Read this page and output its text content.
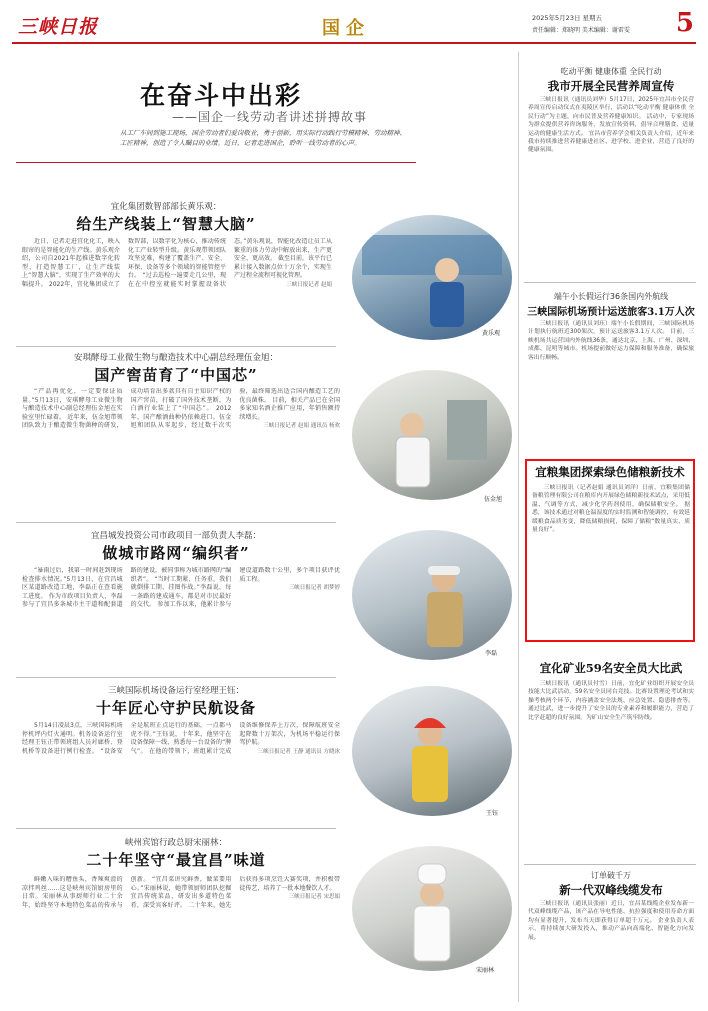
三峡日报	国企	2025年5月23日 星期五
责任编辑：郑晓明 美术编辑：谢雷雯 5
在奋斗中出彩
——国企一线劳动者讲述拼搏故事
从工厂车间到施工现场，国企劳动者们爱岗敬业，勇于创新，用实际行动践行劳模精神、劳动精神、工匠精神，创造了令人瞩目的业绩。近日，记者走进国企，聆听一线劳动者的心声。
宜化集团数智部部长黄乐观：
给生产线装上“智慧大脑”

近日，记者走进宜化化工，映入眼帘的是智能化的生产线。黄乐观介绍，公司自2021年起推进数字化转型，打造智慧工厂，让生产线装上“智慧大脑”，实现了生产效率的大幅提升。 2022年，宜化集团成立了数智部，以数字化为核心，推动传统化工产业转型升级。黄乐观带领团队攻坚克难，构建了覆盖生产、安全、环保、设备等多个领域的智能管控平台。 “过去巡检一遍要走几公里，现在在中控室就能实时掌握设备状态。”黄乐观说，智能化改造让员工从繁重的体力劳动中解放出来，生产更安全、更高效。 截至目前，该平台已累计接入数据点位十万余个，实现生产过程全流程可视化管理。

三峡日报记者 赵娟
安琪酵母工业微生物与酿造技术中心副总经理伍金旭：
国产窖苗育了“中国芯”

“产品再优化，一定要保证质量。”5月13日，安琪酵母工业微生物与酿造技术中心副总经理伍金旭在实验室里忙碌着。 近年来，伍金旭带领团队致力于酿造微生物菌种的研发，成功培育出多款具有自主知识产权的国产窖苗，打破了国外技术垄断，为白酒行业装上了“中国芯”。 2012年，国产酿酒曲种仍依赖进口。伍金旭和团队从零起步，经过数千次实验，最终筛选出适合国内酿造工艺的优良菌株。 目前，相关产品已在全国多家知名酒企推广应用，年销售额持续增长。

三峡日报记者 赵娟 通讯员 杨欢
宜昌城发投资公司市政项目一部负责人李磊：
做城市路网“编织者”

“暴雨过后，我第一时间赶到现场检查排水情况。”5月13日，在宜昌城区某道路改造工地，李磊正在查看施工进度。 作为市政项目负责人，李磊参与了宜昌多条城市主干道和配套道路的建设，被同事称为城市路网的“编织者”。 “当时工期紧、任务重，我们就倒排工期、挂图作战。”李磊说，每一条路的建成通车，都是对市民最好的交代。 参加工作以来，他累计参与建设道路数十公里，多个项目获评优质工程。

三峡日报记者 胡梦婷
三峡国际机场设备运行室经理王钰：
十年匠心守护民航设备

5月14日凌晨3点，三峡国际机场停机坪内灯火通明。机务设备运行室经理王钰正带领班组人员对廊桥、登机桥等设备进行例行检查。 “设备安全是航班正点运行的基础，一点都马虎不得。”王钰说，十年来，他坚守在设备保障一线，熟悉每一台设备的“脾气”。 在他的带领下，班组累计完成设备维修保养上万次，保障航班安全起降数十万架次，为机场平稳运行保驾护航。

三峡日报记者 王静 通讯员 方晓冰
峡州宾馆行政总厨宋丽林：
二十年坚守“最宜昌”味道

鲜嫩入味的糟鱼头，香辣爽滑的凉拌鸡丝……这是峡州宾馆厨房里的日常。宋丽林从事厨师行业二十余年，始终坚守本地特色菜品的传承与创新。 “宜昌菜讲究鲜香，做菜要用心。”宋丽林说，她带领厨师团队挖掘宜昌传统菜品，研发出多道特色菜肴，深受宾客好评。 二十年来，她先后获得多项烹饪大赛奖项，并积极带徒传艺，培养了一批本地餐饮人才。

三峡日报记者 宋思娟
黄乐观
伍金旭
李磊
王钰
宋丽林
吃动平衡 健康体重 全民行动
我市开展全民营养周宣传

三峡日报讯（通讯员刘华）5月17日，2025年宜昌市全民营养周宣传启动仪式在夷陵区举行，活动以“吃动平衡 健康体重 全民行动”为主题，向市民普及营养健康知识。 活动中，专家现场为群众提供营养咨询服务，发放宣传资料，倡导合理膳食、适量运动的健康生活方式。 宜昌市营养学会相关负责人介绍，近年来我市持续推进营养健康进社区、进学校、进企业，营造了良好的健康氛围。

端午小长假运行36条国内外航线
三峡国际机场预计运送旅客3.1万人次

三峡日报讯（通讯员刘珏）端午小长假期间，三峡国际机场计划执行航班近300架次，预计运送旅客3.1万人次。 目前，三峡机场共运营国内外航线36条，通达北京、上海、广州、深圳、成都、昆明等城市。机场提前做好运力保障和服务准备，确保旅客出行顺畅。

宜粮集团探索绿色储粮新技术

三峡日报讯（记者赵娟 通讯员刘洋）日前，宜粮集团储备粮管理有限公司在粮库内开展绿色储粮新技术试点，采用低温、气调等方式，减少化学药剂使用，确保储粮安全。 据悉，该技术通过对粮仓温湿度的实时监测和智能调控，有效延缓粮食品质劣变，降低储粮损耗，保障了储粮“数量真实、质量良好”。

宜化矿业59名安全员大比武

三峡日报讯（通讯员付雪）日前，宜化矿业组织开展安全员技能大比武活动，59名安全员同台竞技。比赛设置理论考试和实操考核两个环节，内容涵盖安全法规、应急处置、隐患排查等。 通过比武，进一步提升了安全员的专业素养和履职能力，营造了比学赶超的良好氛围，为矿山安全生产筑牢防线。

订单破千万
新一代双峰线缆发布

三峡日报讯（通讯员张丽）近日，宜昌某线缆企业发布新一代双峰线缆产品，该产品在导电性能、抗拉强度和使用寿命方面均有显著提升，发布当天即获得订单超千万元。 企业负责人表示，将持续加大研发投入，推动产品向高端化、智能化方向发展。
